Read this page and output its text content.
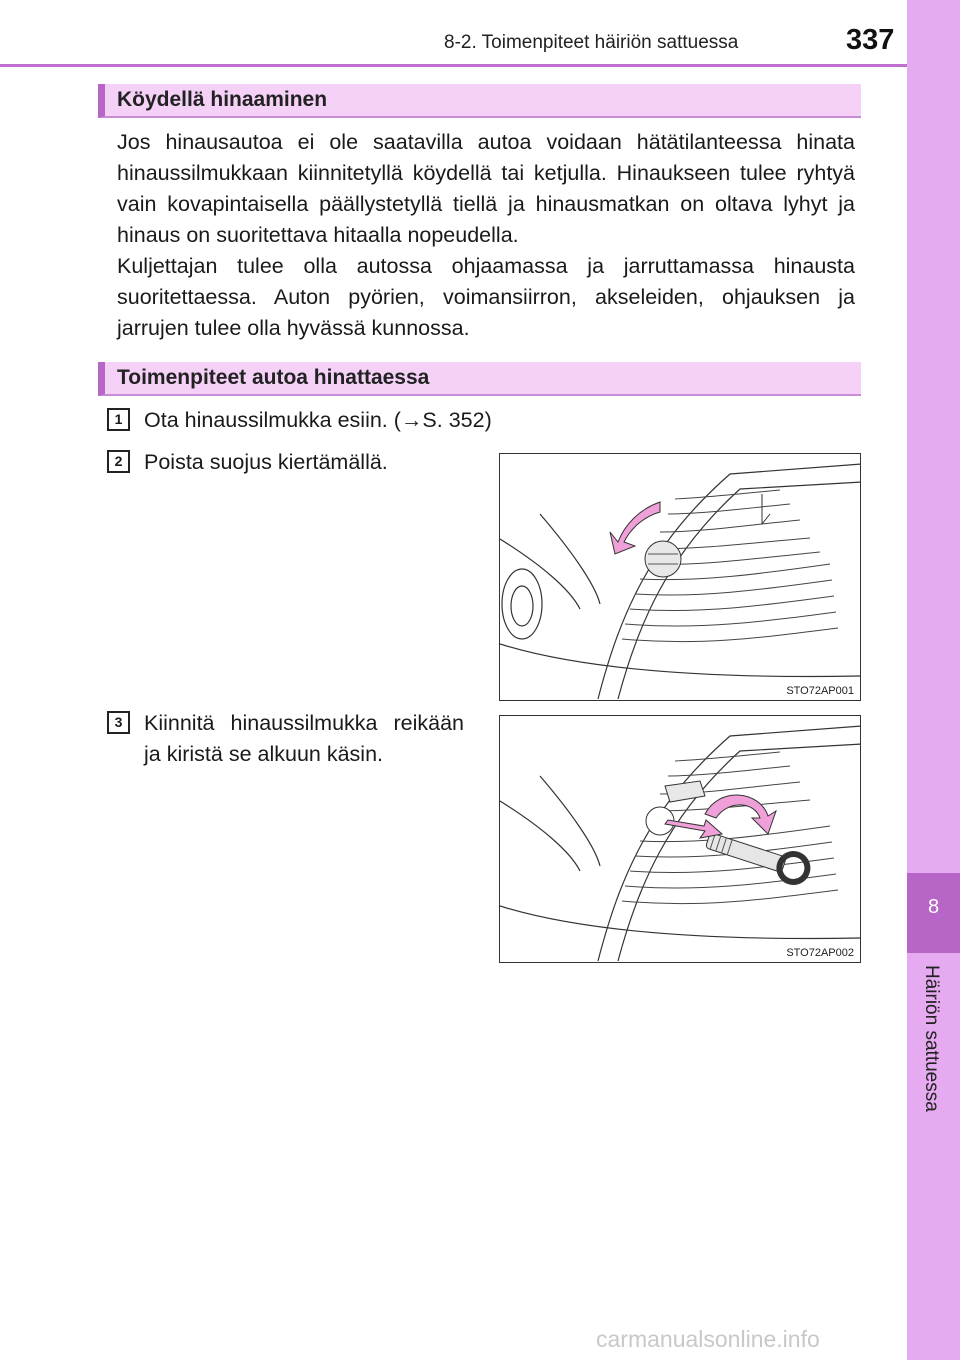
8-2. Toimenpiteet häiriön sattuessa	337
8
Häiriön sattuessa
Köydellä hinaaminen
Jos hinausautoa ei ole saatavilla autoa voidaan hätätilanteessa hinata hinaussilmukkaan kiinnitetyllä köydellä tai ketjulla. Hinaukseen tulee ryhtyä vain kovapintaisella päällystetyllä tiellä ja hinausmatkan on oltava lyhyt ja hinaus on suoritettava hitaalla nopeudella.
Kuljettajan tulee olla autossa ohjaamassa ja jarruttamassa hinausta suoritettaessa. Auton pyörien, voimansiirron, akseleiden, ohjauksen ja jarrujen tulee olla hyvässä kunnossa.
Toimenpiteet autoa hinattaessa
1	Ota hinaussilmukka esiin. (→S. 352)
2	Poista suojus kiertämällä.
3	Kiinnitä hinaussilmukka reikään ja kiristä se alkuun käsin.
STO72AP001
STO72AP002
carmanualsonline.info
